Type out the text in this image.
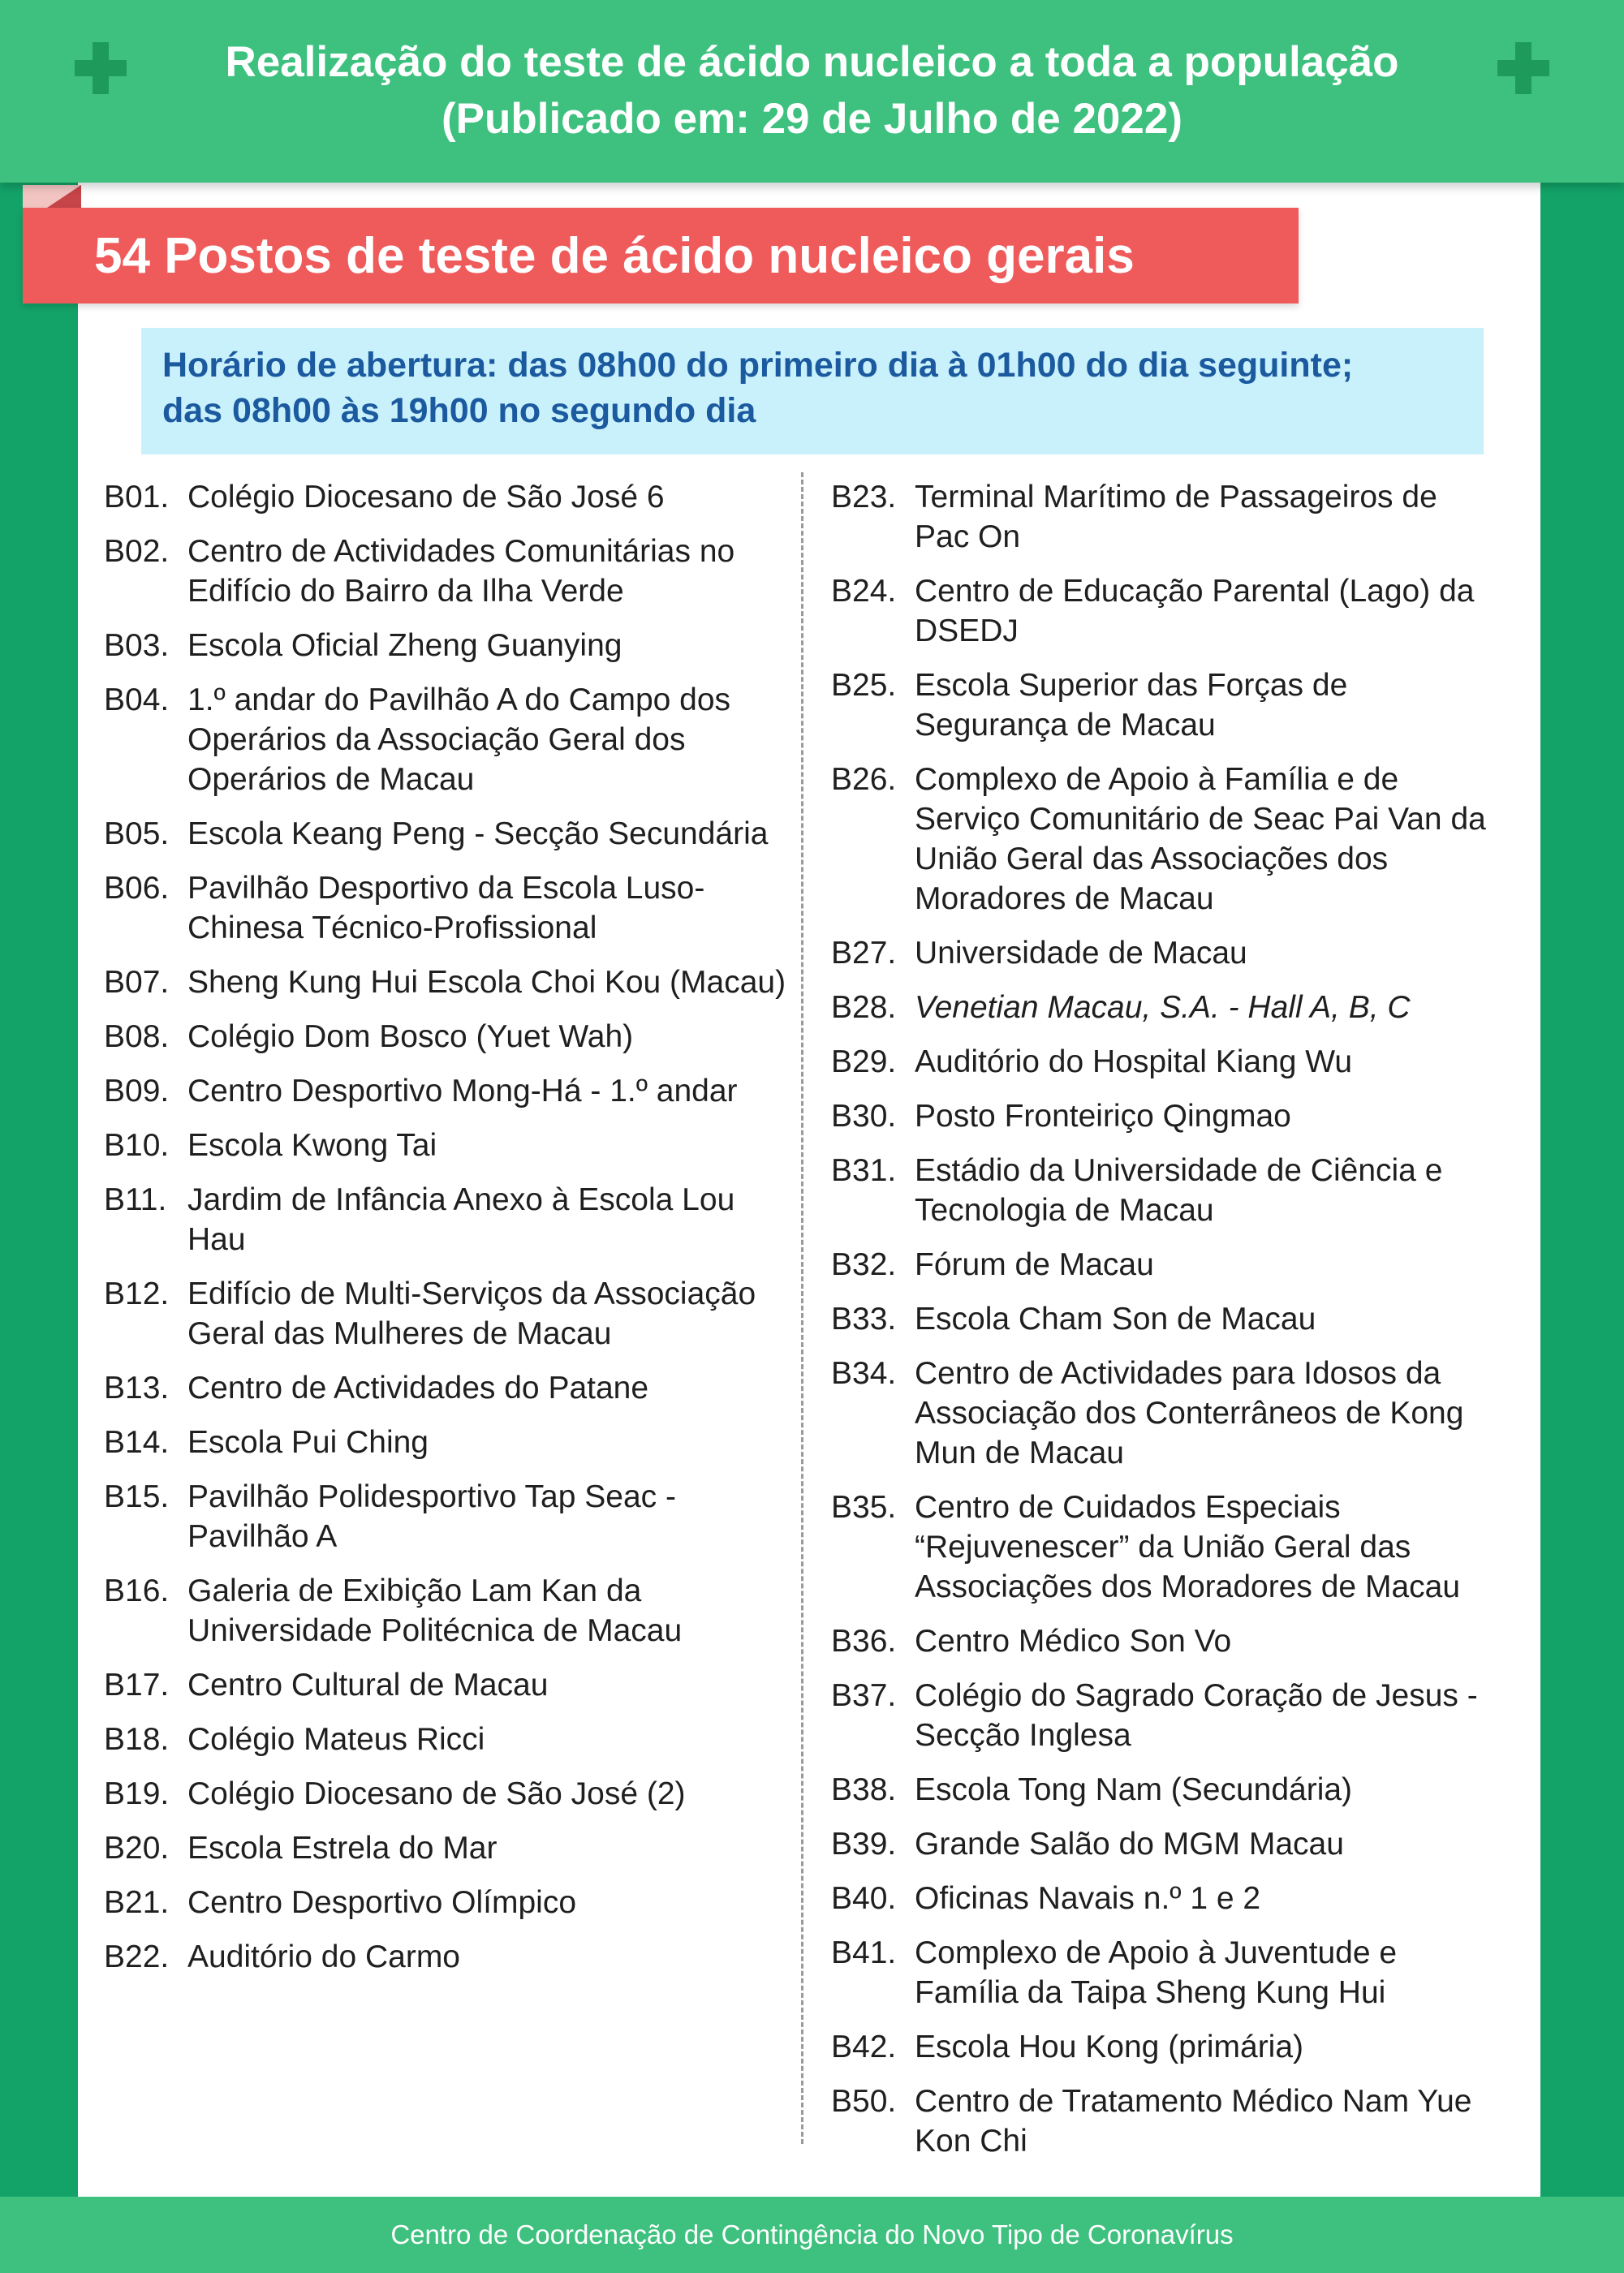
Realização do teste de ácido nucleico a toda a população
(Publicado em: 29 de Julho de 2022)
54 Postos de teste de ácido nucleico gerais

Horário de abertura: das 08h00 do primeiro dia à 01h00 do dia seguinte;
das 08h00 às 19h00 no segundo dia

B01. Colégio Diocesano de São José 6
B02. Centro de Actividades Comunitárias no Edifício do Bairro da Ilha Verde
B03. Escola Oficial Zheng Guanying
B04. 1.º andar do Pavilhão A do Campo dos Operários da Associação Geral dos Operários de Macau
B05. Escola Keang Peng - Secção Secundária
B06. Pavilhão Desportivo da Escola Luso-Chinesa Técnico-Profissional
B07. Sheng Kung Hui Escola Choi Kou (Macau)
B08. Colégio Dom Bosco (Yuet Wah)
B09. Centro Desportivo Mong-Há - 1.º andar
B10. Escola Kwong Tai
B11. Jardim de Infância Anexo à Escola Lou Hau
B12. Edifício de Multi-Serviços da Associação Geral das Mulheres de Macau
B13. Centro de Actividades do Patane
B14. Escola Pui Ching
B15. Pavilhão Polidesportivo Tap Seac - Pavilhão A
B16. Galeria de Exibição Lam Kan da Universidade Politécnica de Macau
B17. Centro Cultural de Macau
B18. Colégio Mateus Ricci
B19. Colégio Diocesano de São José (2)
B20. Escola Estrela do Mar
B21. Centro Desportivo Olímpico
B22. Auditório do Carmo
B23. Terminal Marítimo de Passageiros de Pac On
B24. Centro de Educação Parental (Lago) da DSEDJ
B25. Escola Superior das Forças de Segurança de Macau
B26. Complexo de Apoio à Família e de Serviço Comunitário de Seac Pai Van da União Geral das Associações dos Moradores de Macau
B27. Universidade de Macau
B28. Venetian Macau, S.A. - Hall A, B, C
B29. Auditório do Hospital Kiang Wu
B30. Posto Fronteiriço Qingmao
B31. Estádio da Universidade de Ciência e Tecnologia de Macau
B32. Fórum de Macau
B33. Escola Cham Son de Macau
B34. Centro de Actividades para Idosos da Associação dos Conterrâneos de Kong Mun de Macau
B35. Centro de Cuidados Especiais “Rejuvenescer” da União Geral das Associações dos Moradores de Macau
B36. Centro Médico Son Vo
B37. Colégio do Sagrado Coração de Jesus - Secção Inglesa
B38. Escola Tong Nam (Secundária)
B39. Grande Salão do MGM Macau
B40. Oficinas Navais n.º 1 e 2
B41. Complexo de Apoio à Juventude e Família da Taipa Sheng Kung Hui
B42. Escola Hou Kong (primária)
B50. Centro de Tratamento Médico Nam Yue Kon Chi

Centro de Coordenação de Contingência do Novo Tipo de Coronavírus
